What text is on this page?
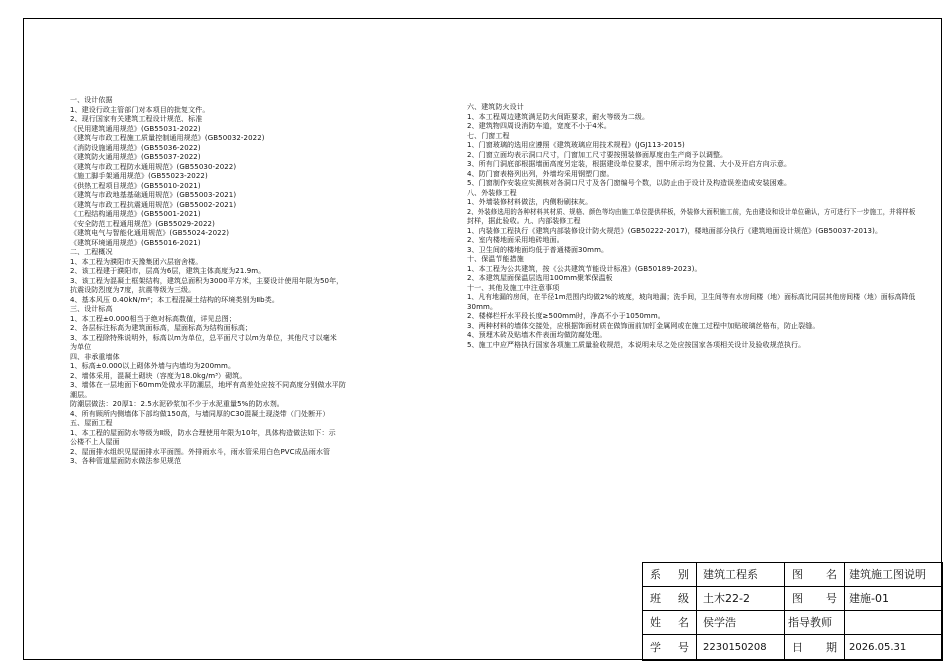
一、设计依据
1、建设行政主管部门对本项目的批复文件。
2、现行国家有关建筑工程设计规范、标准
《民用建筑通用规范》(GB55031-2022)
《建筑与市政工程施工质量控制通用规范》(GB50032-2022)
《消防设施通用规范》(GB55036-2022)
《建筑防火通用规范》(GB55037-2022)
《建筑与市政工程防水通用规范》(GB55030-2022)
《施工脚手架通用规范》(GB55023-2022)
《供热工程项目规范》(GB55010-2021)
《建筑与市政地基基础通用规范》(GB55003-2021)
《建筑与市政工程抗震通用规范》(GB55002-2021)
《工程结构通用规范》(GB55001-2021)
《安全防范工程通用规范》(GB55029-2022)
《建筑电气与智能化通用规范》(GB55024-2022)
《建筑环境通用规范》(GB55016-2021)
二、工程概况
1、本工程为濮阳市天豫集团六层宿舍楼。
2、该工程建于濮阳市，层高为6层，建筑主体高度为21.9m。
3、该工程为混凝土框架结构，建筑总面积为3000平方米，主要设计使用年限为50年，
抗震设防烈度为7度，抗震等级为三级。
4、基本风压 0.40kN/m²；本工程混凝土结构的环境类别为Ⅱb类。
三、设计标高
1、本工程±0.000相当于绝对标高数值，详见总图；
2、各层标注标高为建筑面标高，屋面标高为结构面标高；
3、本工程除特殊说明外，标高以m为单位，总平面尺寸以m为单位，其他尺寸以毫米
为单位
四、非承重墙体
1、标高±0.000以上砌体外墙与内墙均为200mm。
2、墙体采用，混凝土砌块（容度为18.0kg/m³）砌筑。
3、墙体在一层地面下60mm处做水平防潮层，地坪有高差处应按不同高度分别做水平防
潮层。
防潮层做法：20厚1：2.5水泥砂浆加不少于水泥重量5%的防水剂。
4、所有顾所内侧墙体下部均做150高，与墙同厚的C30混凝土现浇带（门处断开）
五、屋面工程
1、本工程的屋面防水等级为Ⅱ级，防水合理使用年限为10年，具体构造做法如下：示
公楼不上人屋面
2、屋面排水组织见屋面排水平面图。外排雨水斗，雨水管采用白色PVC成品雨水管
3、各种管道屋面防水做法参见规范
六、建筑防火设计
1、本工程周边建筑满足防火间距要求，耐火等级为二级。
2、建筑物四周设消防车道，宽度不小于4米。
七、门窗工程
1、门窗玻璃的选用应遵照《建筑玻璃应用技术规程》(JGJ113-2015)
2、门窗立面均表示洞口尺寸，门窗加工尺寸要按照装修面厚度由生产商予以调整。
3、所有门洞底部根据墙面高度另定装，根据建设单位要求，图中所示均为位置、大小及开启方向示意。
4、防门窗表格列出列，外墙均采用钢塑门窗。
5、门窗制作安装应实测核对各洞口尺寸及各门窗编号个数，以防止由于设计及构造误差造成安装困难。
八、外装修工程
1、外墙装修材料做法，内侧粉刷抹灰。
2、外装修选用的各种材料其材质、规格、颜色等均由施工单位提供样板，外装修大面积施工前，先由建设和设计单位确认，方可进行下一步施工，并将样板
封样，据此验收。九、内部装修工程
1、内装修工程执行《建筑内部装修设计防火规范》(GB50222-2017)，楼地面部分执行《建筑地面设计规范》(GB50037-2013)。
2、室内楼地面采用地砖地面。
3、卫生间的楼地面均低于普通楼面30mm。
十、保温节能措施
1、本工程为公共建筑，按《公共建筑节能设计标准》(GB50189-2023)。
2、本建筑屋面保温层选用100mm聚苯保温板
十一、其他及施工中注意事项
1、凡有地漏的房间，在半径1m范围内均做2%的坡度，坡向地漏；洗手间，卫生间等有水房间楼（地）面标高比同层其他房间楼（地）面标高降低
30mm。
2、楼梯栏杆水平段长度≥500mm时，净高不小于1050mm。
3、两种材料的墙体交接处，应根据饰面材质在做饰面前加钉金属网或在施工过程中加贴玻璃丝格布，防止裂缝。
4、预埋木砖及贴墙木件表面均做防腐处理。
5、施工中应严格执行国家各项施工质量验收规范，本说明未尽之处应按国家各项相关设计及验收规范执行。
系 别	建筑工程系	图 名	建筑施工图说明
班 级	土木22-2	图 号	建施-01
姓 名	侯学浩	指导教师
学 号	2230150208	日 期	2026.05.31
